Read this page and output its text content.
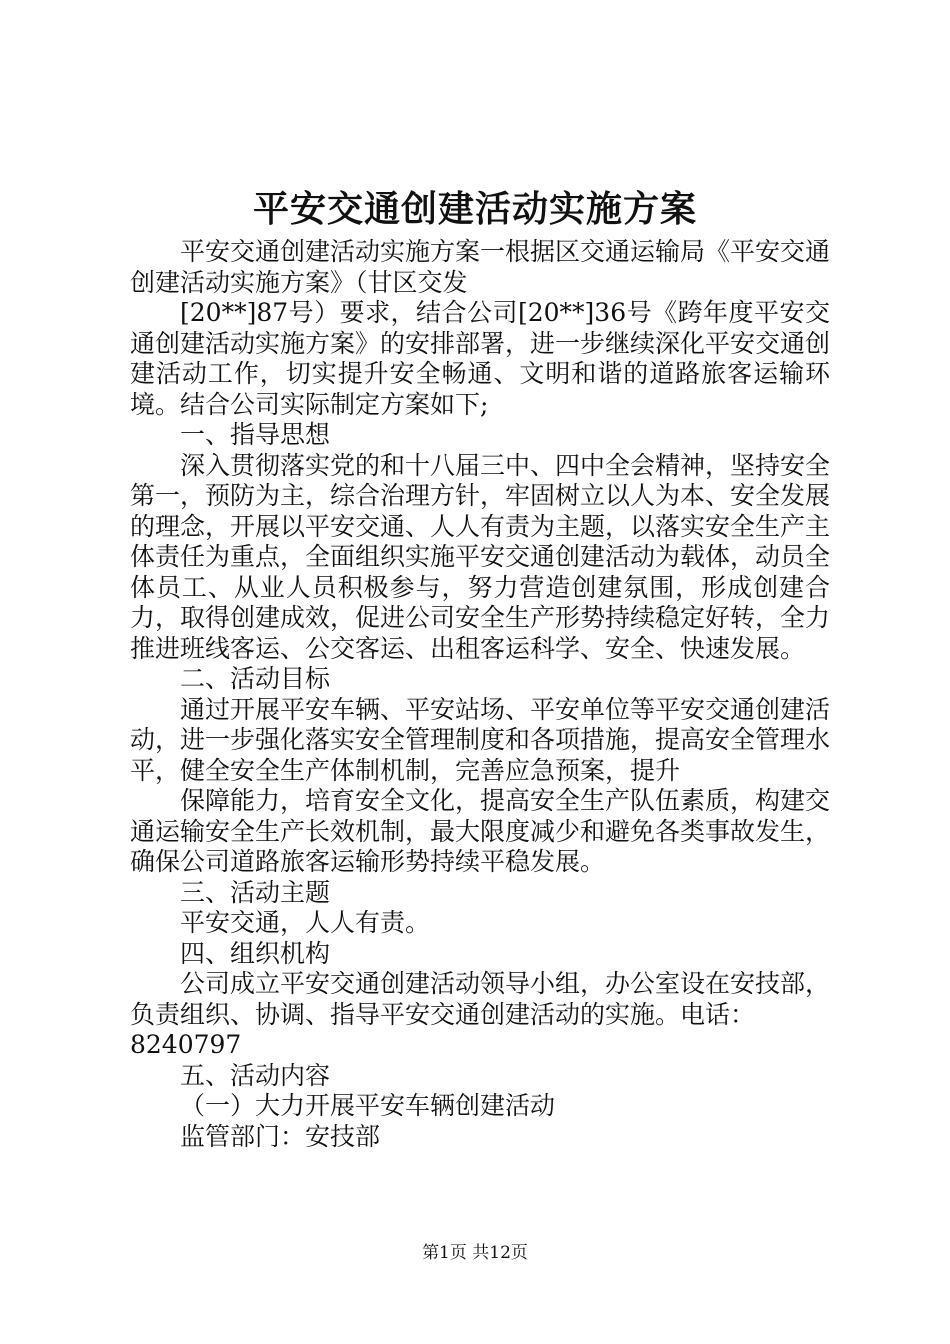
平安交通创建活动实施方案

平安交通创建活动实施方案一根据区交通运输局《平安交通创建活动实施方案》（甘区交发

[20**]87号）要求，结合公司[20**]36号《跨年度平安交通创建活动实施方案》的安排部署，进一步继续深化平安交通创建活动工作，切实提升安全畅通、文明和谐的道路旅客运输环境。结合公司实际制定方案如下;

一、指导思想

深入贯彻落实党的和十八届三中、四中全会精神，坚持安全第一，预防为主，综合治理方针，牢固树立以人为本、安全发展的理念，开展以平安交通、人人有责为主题，以落实安全生产主体责任为重点，全面组织实施平安交通创建活动为载体，动员全体员工、从业人员积极参与，努力营造创建氛围，形成创建合力，取得创建成效，促进公司安全生产形势持续稳定好转，全力推进班线客运、公交客运、出租客运科学、安全、快速发展。

二、活动目标

通过开展平安车辆、平安站场、平安单位等平安交通创建活动，进一步强化落实安全管理制度和各项措施，提高安全管理水平，健全安全生产体制机制，完善应急预案，提升

保障能力，培育安全文化，提高安全生产队伍素质，构建交通运输安全生产长效机制，最大限度减少和避免各类事故发生，确保公司道路旅客运输形势持续平稳发展。

三、活动主题

平安交通，人人有责。

四、组织机构

公司成立平安交通创建活动领导小组，办公室设在安技部，负责组织、协调、指导平安交通创建活动的实施。电话：

8240797

五、活动内容

（一）大力开展平安车辆创建活动

监管部门：安技部

第1页 共12页
